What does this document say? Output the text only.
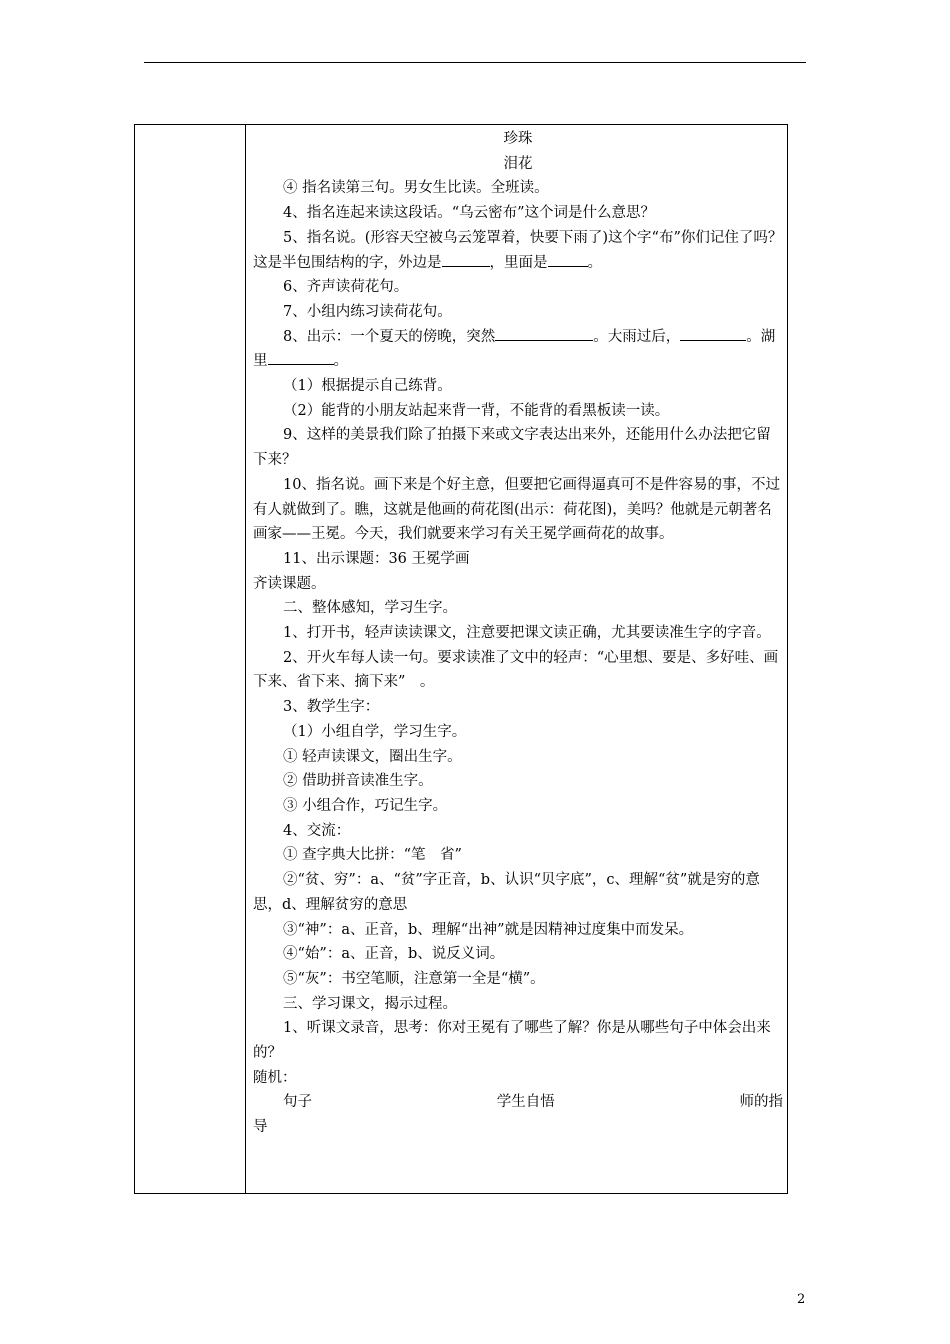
珍珠

泪花

④ 指名读第三句。男女生比读。全班读。

4、指名连起来读这段话。“乌云密布”这个词是什么意思？

5、指名说。(形容天空被乌云笼罩着，快要下雨了)这个字“布”你们记住了吗？这是半包围结构的字，外边是	，里面是	。

6、齐声读荷花句。

7、小组内练习读荷花句。

8、出示：一个夏天的傍晚，突然	。大雨过后，	。湖里	。

（1）根据提示自己练背。

（2）能背的小朋友站起来背一背，不能背的看黑板读一读。

9、这样的美景我们除了拍摄下来或文字表达出来外，还能用什么办法把它留下来？

10、指名说。画下来是个好主意，但要把它画得逼真可不是件容易的事，不过有人就做到了。瞧，这就是他画的荷花图(出示：荷花图)，美吗？他就是元朝著名画家——王冕。今天，我们就要来学习有关王冕学画荷花的故事。

11、出示课题：36 王冕学画

齐读课题。

二、整体感知，学习生字。

1、打开书，轻声读读课文，注意要把课文读正确，尤其要读准生字的字音。

2、开火车每人读一句。要求读准了文中的轻声：“心里想、要是、多好哇、画下来、省下来、摘下来”　。

3、教学生字：

（1）小组自学，学习生字。

① 轻声读课文，圈出生字。

② 借助拼音读准生字。

③ 小组合作，巧记生字。

4、交流：

① 查字典大比拼：“笔　省”

②“贫、穷”：a、“贫”字正音，b、认识“贝字底”，c、理解“贫”就是穷的意思，d、理解贫穷的意思

③“神”：a、正音，b、理解“出神”就是因精神过度集中而发呆。

④“始”：a、正音，b、说反义词。

⑤“灰”：书空笔顺，注意第一全是“横”。

三、学习课文，揭示过程。

1、听课文录音，思考：你对王冕有了哪些了解？你是从哪些句子中体会出来的？

随机：

句子	学生自悟	师的指

导

2
